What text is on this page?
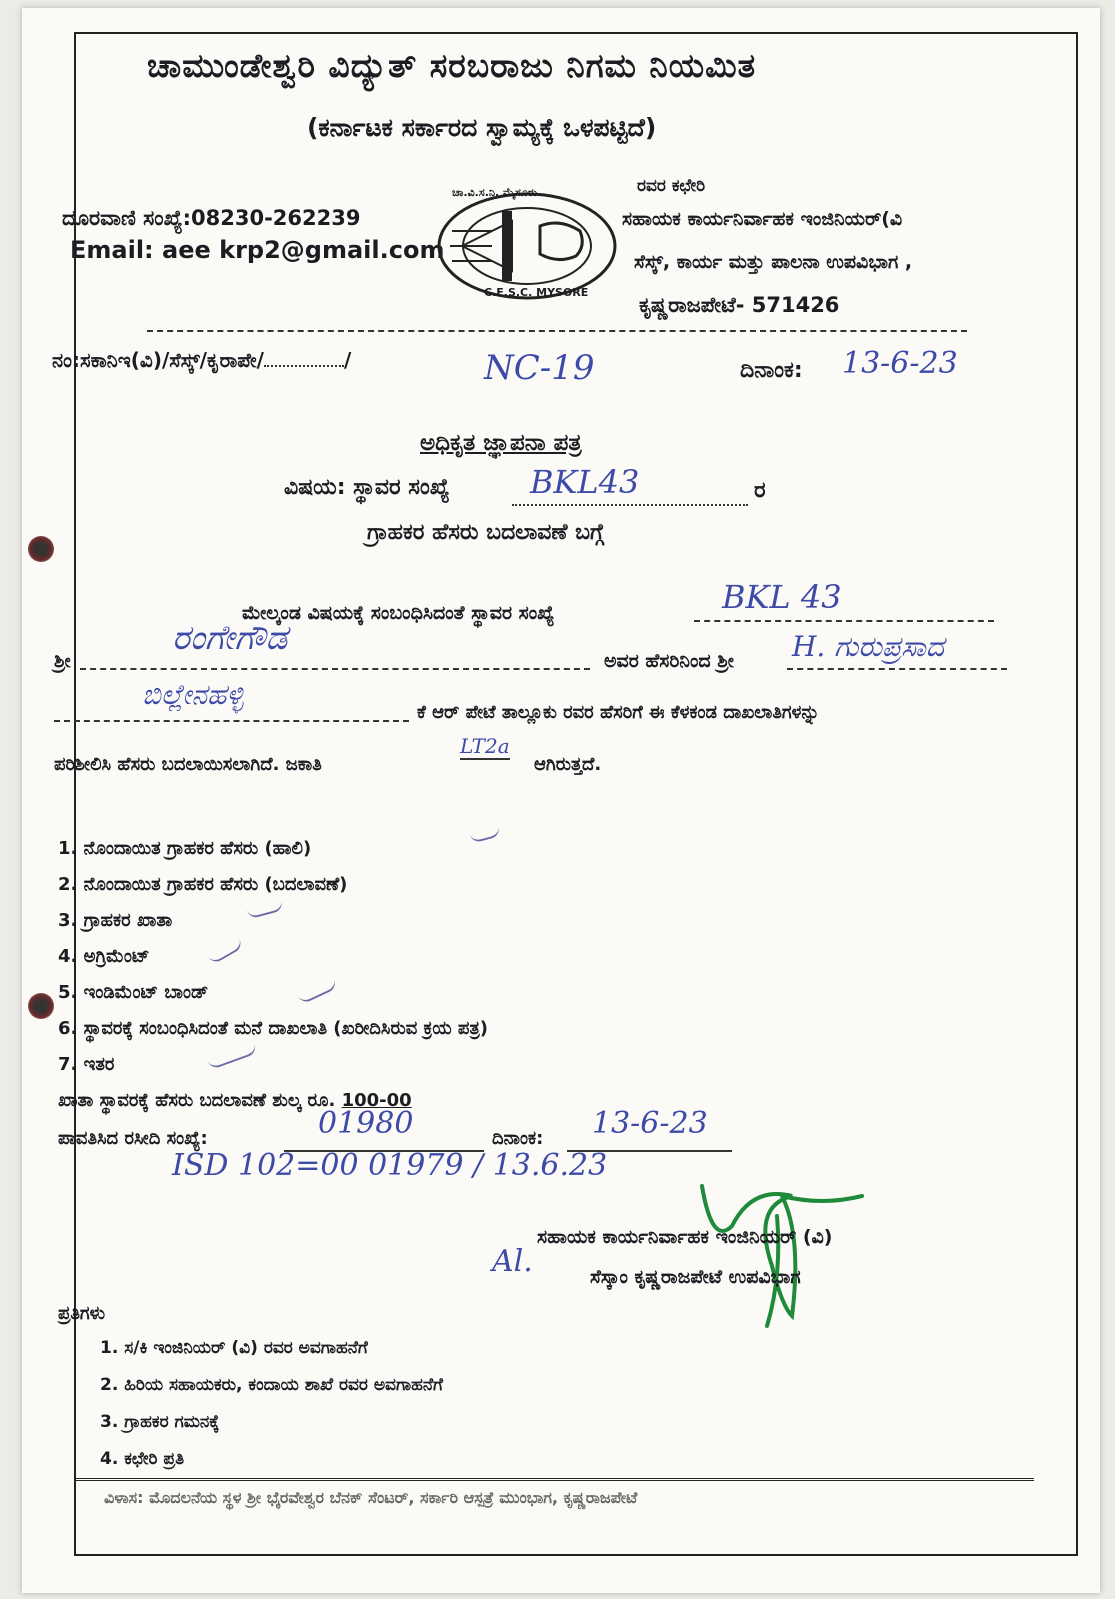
ಚಾಮುಂಡೇಶ್ವರಿ ವಿದ್ಯುತ್ ಸರಬರಾಜು ನಿಗಮ ನಿಯಮಿತ
(ಕರ್ನಾಟಕ ಸರ್ಕಾರದ ಸ್ವಾಮ್ಯಕ್ಕೆ ಒಳಪಟ್ಟಿದೆ)
ದೂರವಾಣಿ ಸಂಖ್ಯೆ:08230-262239
Email: aee krp2@gmail.com
ಚಾ.ವಿ.ಸ.ನಿ. ಮೈಸೂರು
C.E.S.C. MYSORE
ರವರ ಕಛೇರಿ
ಸಹಾಯಕ ಕಾರ್ಯನಿರ್ವಾಹಕ ಇಂಜಿನಿಯರ್(ವಿ
ಸೆಸ್ಕ್, ಕಾರ್ಯ ಮತ್ತು ಪಾಲನಾ ಉಪವಿಭಾಗ ,
ಕೃಷ್ಣರಾಜಪೇಟೆ- 571426
ನಂ:ಸಕಾನಿಇ(ವಿ)/ಸೆಸ್ಕ್/ಕೃರಾಪೇ/	/	NC-19	ದಿನಾಂಕ: 13-6-23
ಅಧಿಕೃತ ಜ್ಞಾಪನಾ ಪತ್ರ
ವಿಷಯ: ಸ್ಥಾವರ ಸಂಖ್ಯೆ	BKL43	ರ
ಗ್ರಾಹಕರ ಹೆಸರು ಬದಲಾವಣೆ ಬಗ್ಗೆ
ಮೇಲ್ಕಂಡ ವಿಷಯಕ್ಕೆ ಸಂಬಂಧಿಸಿದಂತೆ ಸ್ಥಾವರ ಸಂಖ್ಯೆ	BKL 43
ಶ್ರೀ
ರಂಗೇಗೌಡ
ಅವರ ಹೆಸರಿನಿಂದ ಶ್ರೀ H. ಗುರುಪ್ರಸಾದ
ಬಿಲ್ಲೇನಹಳ್ಳಿ
ಕೆ ಆರ್ ಪೇಟೆ ತಾಲ್ಲೂಕು ರವರ ಹೆಸರಿಗೆ ಈ ಕೆಳಕಂಡ ದಾಖಲಾತಿಗಳನ್ನು
ಪರಿಶೀಲಿಸಿ ಹೆಸರು ಬದಲಾಯಿಸಲಾಗಿದೆ. ಜಕಾತಿ
LT2a
ಆಗಿರುತ್ತದೆ.
1. ನೊಂದಾಯಿತ ಗ್ರಾಹಕರ ಹೆಸರು (ಹಾಲಿ)
2. ನೊಂದಾಯಿತ ಗ್ರಾಹಕರ ಹೆಸರು (ಬದಲಾವಣೆ)
3. ಗ್ರಾಹಕರ ಖಾತಾ
4. ಅಗ್ರಿಮೆಂಟ್
5. ಇಂಡಿಮೆಂಟ್ ಬಾಂಡ್
6. ಸ್ಥಾವರಕ್ಕೆ ಸಂಬಂಧಿಸಿದಂತೆ ಮನೆ ದಾಖಲಾತಿ (ಖರೀದಿಸಿರುವ ಕ್ರಯ ಪತ್ರ)
7. ಇತರ
ಖಾತಾ ಸ್ಥಾವರಕ್ಕೆ ಹೆಸರು ಬದಲಾವಣೆ ಶುಲ್ಕ ರೂ. 100-00
ಪಾವತಿಸಿದ ರಸೀದಿ ಸಂಖ್ಯೆ:	01980	ದಿನಾಂಕ: 13-6-23
ISD 102=00 01979 / 13.6.23
ಸಹಾಯಕ ಕಾರ್ಯನಿರ್ವಾಹಕ ಇಂಜಿನಿಯರ್ (ವಿ)
Al.	ಸೆಸ್ಕಾಂ ಕೃಷ್ಣರಾಜಪೇಟೆ ಉಪವಿಭಾಗ
ಪ್ರತಿಗಳು
1. ಸ/ಕಿ ಇಂಜಿನಿಯರ್ (ವಿ) ರವರ ಅವಗಾಹನೆಗೆ
2. ಹಿರಿಯ ಸಹಾಯಕರು, ಕಂದಾಯ ಶಾಖೆ ರವರ ಅವಗಾಹನೆಗೆ
3. ಗ್ರಾಹಕರ ಗಮನಕ್ಕೆ
4. ಕಛೇರಿ ಪ್ರತಿ
ವಿಳಾಸ: ಮೊದಲನೆಯ ಸ್ಥಳ ಶ್ರೀ ಭೈರವೇಶ್ವರ ಬೆನಕ್ ಸೆಂಟರ್, ಸರ್ಕಾರಿ ಆಸ್ಪತ್ರೆ ಮುಂಭಾಗ, ಕೃಷ್ಣರಾಜಪೇಟೆ
